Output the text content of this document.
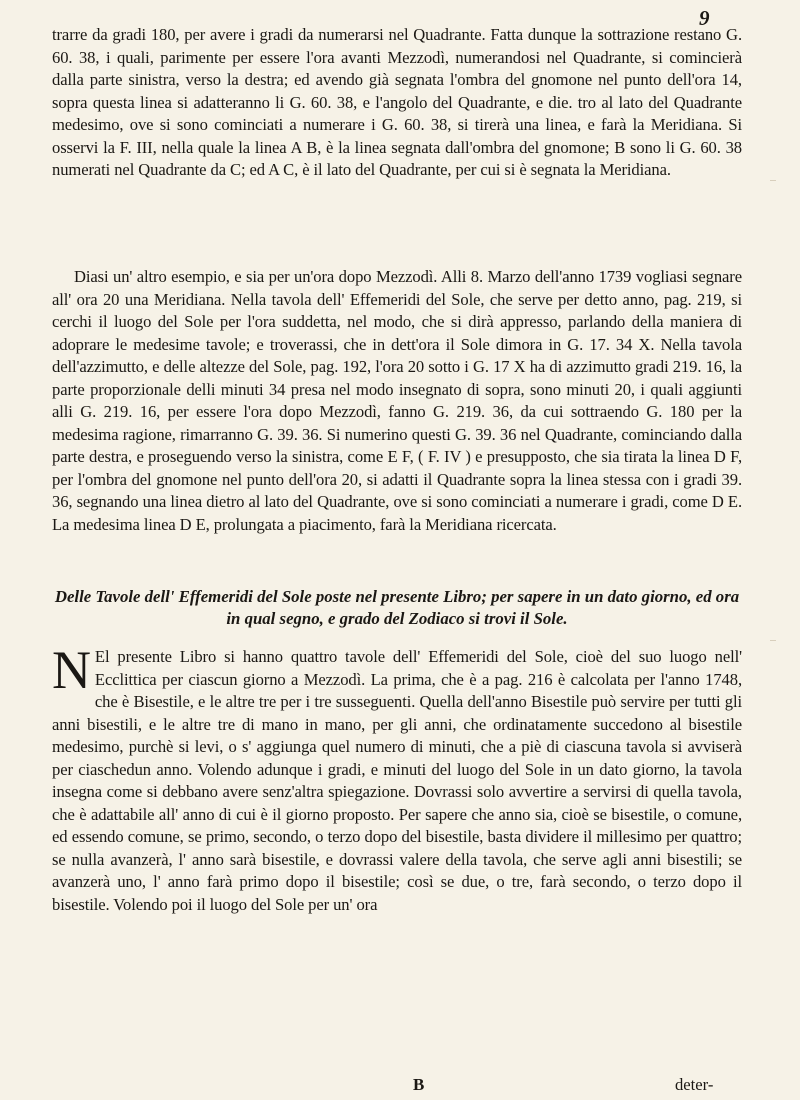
9

trarre da gradi 180, per avere i gradi da numerarsi nel Quadrante. Fatta dunque la sottrazione restano G. 60. 38, i quali, parimente per essere l'ora avanti Mezzodì, numerandosi nel Quadrante, si comincierà dalla parte sinistra, verso la destra; ed avendo già segnata l'ombra del gnomone nel punto dell'ora 14, sopra questa linea si adatteranno li G. 60. 38, e l'angolo del Quadrante, e die. tro al lato del Quadrante medesimo, ove si sono cominciati a numerare i G. 60. 38, si tirerà una linea, e farà la Meridiana. Si osservi la F. III, nella quale la linea A B, è la linea segnata dall'ombra del gnomone; B sono li G. 60. 38 numerati nel Quadrante da C; ed A C, è il lato del Quadrante, per cui si è segnata la Meridiana.

Diasi un' altro esempio, e sia per un'ora dopo Mezzodì. Alli 8. Marzo dell'anno 1739 vogliasi segnare all' ora 20 una Meridiana. Nella tavola dell' Effemeridi del Sole, che serve per detto anno, pag. 219, si cerchi il luogo del Sole per l'ora suddetta, nel modo, che si dirà appresso, parlando della maniera di adoprare le medesime tavole; e troverassi, che in dett'ora il Sole dimora in G. 17. 34 X. Nella tavola dell'azzimutto, e delle altezze del Sole, pag. 192, l'ora 20 sotto i G. 17 X ha di azzimutto gradi 219. 16, la parte proporzionale delli minuti 34 presa nel modo insegnato di sopra, sono minuti 20, i quali aggiunti alli G. 219. 16, per essere l'ora dopo Mezzodì, fanno G. 219. 36, da cui sottraendo G. 180 per la medesima ragione, rimarranno G. 39. 36. Si numerino questi G. 39. 36 nel Quadrante, cominciando dalla parte destra, e proseguendo verso la sinistra, come E F, ( F. IV ) e presupposto, che sia tirata la linea D F, per l'ombra del gnomone nel punto dell'ora 20, si adatti il Quadrante sopra la linea stessa con i gradi 39. 36, segnando una linea dietro al lato del Quadrante, ove si sono cominciati a numerare i gradi, come D E. La medesima linea D E, prolungata a piacimento, farà la Meridiana ricercata.

Delle Tavole dell' Effemeridi del Sole poste nel presente Libro; per sapere in un dato giorno, ed ora in qual segno, e grado del Zodiaco si trovi il Sole.
N El presente Libro si hanno quattro tavole dell' Effemeridi del Sole, cioè del suo luogo nell' Ecclittica per ciascun giorno a Mezzodì. La prima, che è a pag. 216 è calcolata per l'anno 1748, che è Bisestile, e le altre tre per i tre susseguenti. Quella dell'anno Bisestile può servire per tutti gli anni bisestili, e le altre tre di mano in mano, per gli anni, che ordinatamente succedono al bisestile medesimo, purchè si levi, o s' aggiunga quel numero di minuti, che a piè di ciascuna tavola si avviserà per ciaschedun anno. Volendo adunque i gradi, e minuti del luogo del Sole in un dato giorno, la tavola insegna come si debbano avere senz'altra spiegazione. Dovrassi solo avvertire a servirsi di quella tavola, che è adattabile all' anno di cui è il giorno proposto. Per sapere che anno sia, cioè se bisestile, o comune, ed essendo comune, se primo, secondo, o terzo dopo del bisestile, basta dividere il millesimo per quattro; se nulla avanzerà, l' anno sarà bisestile, e dovrassi valere della tavola, che serve agli anni bisestili; se avanzerà uno, l' anno farà primo dopo il bisestile; così se due, o tre, farà secondo, o terzo dopo il bisestile. Volendo poi il luogo del Sole per un' ora
B	deter-
